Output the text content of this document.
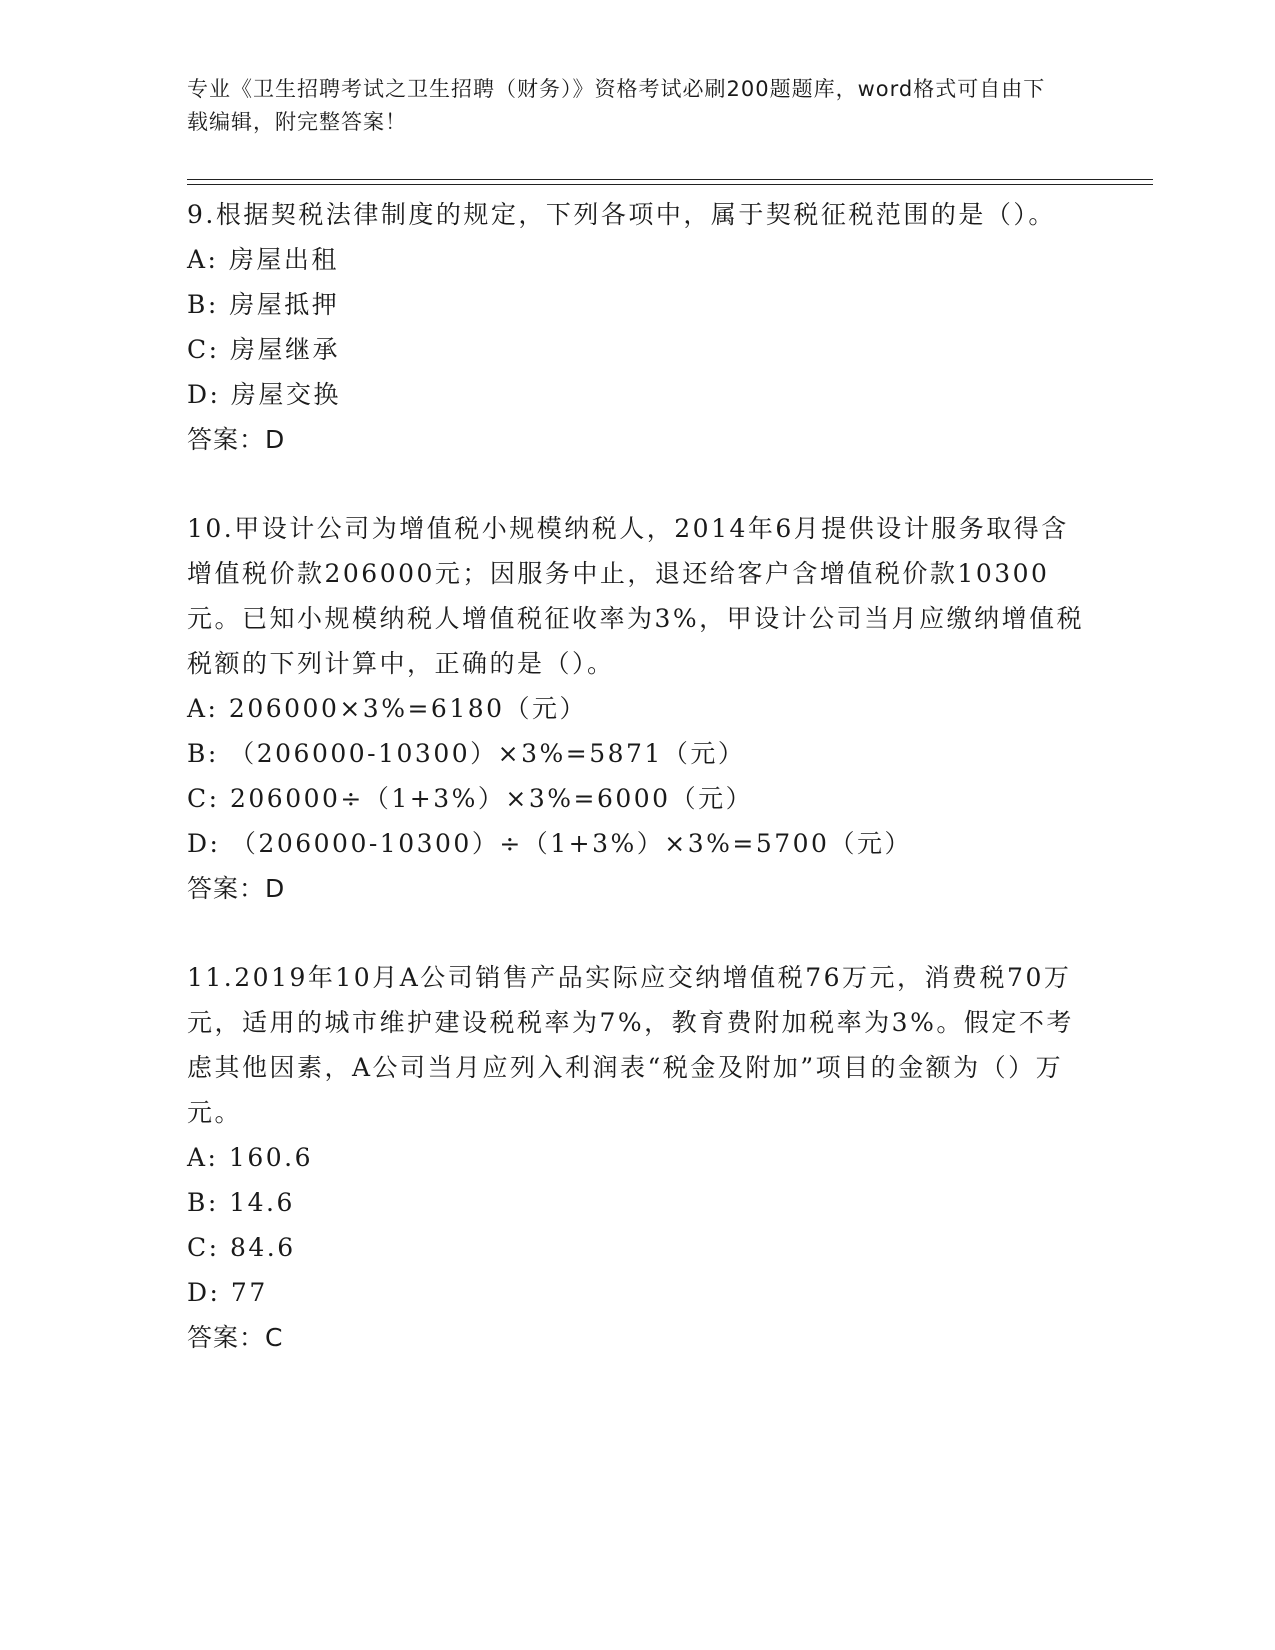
专业《卫生招聘考试之卫生招聘（财务）》资格考试必刷200题题库，word格式可自由下载编辑，附完整答案！

9.根据契税法律制度的规定，下列各项中，属于契税征税范围的是（）。

A: 房屋出租

B: 房屋抵押

C: 房屋继承

D: 房屋交换

答案：D

10.甲设计公司为增值税小规模纳税人，2014年6月提供设计服务取得含增值税价款206000元；因服务中止，退还给客户含增值税价款10300元。已知小规模纳税人增值税征收率为3%，甲设计公司当月应缴纳增值税税额的下列计算中，正确的是（）。

A: 206000×3%=6180（元）

B: （206000-10300）×3%=5871（元）

C: 206000÷（1+3%）×3%=6000（元）

D: （206000-10300）÷（1+3%）×3%=5700（元）

答案：D

11.2019年10月A公司销售产品实际应交纳增值税76万元，消费税70万元，适用的城市维护建设税税率为7%，教育费附加税率为3%。假定不考虑其他因素，A公司当月应列入利润表“税金及附加”项目的金额为（）万元。

A: 160.6

B: 14.6

C: 84.6

D: 77

答案：C
